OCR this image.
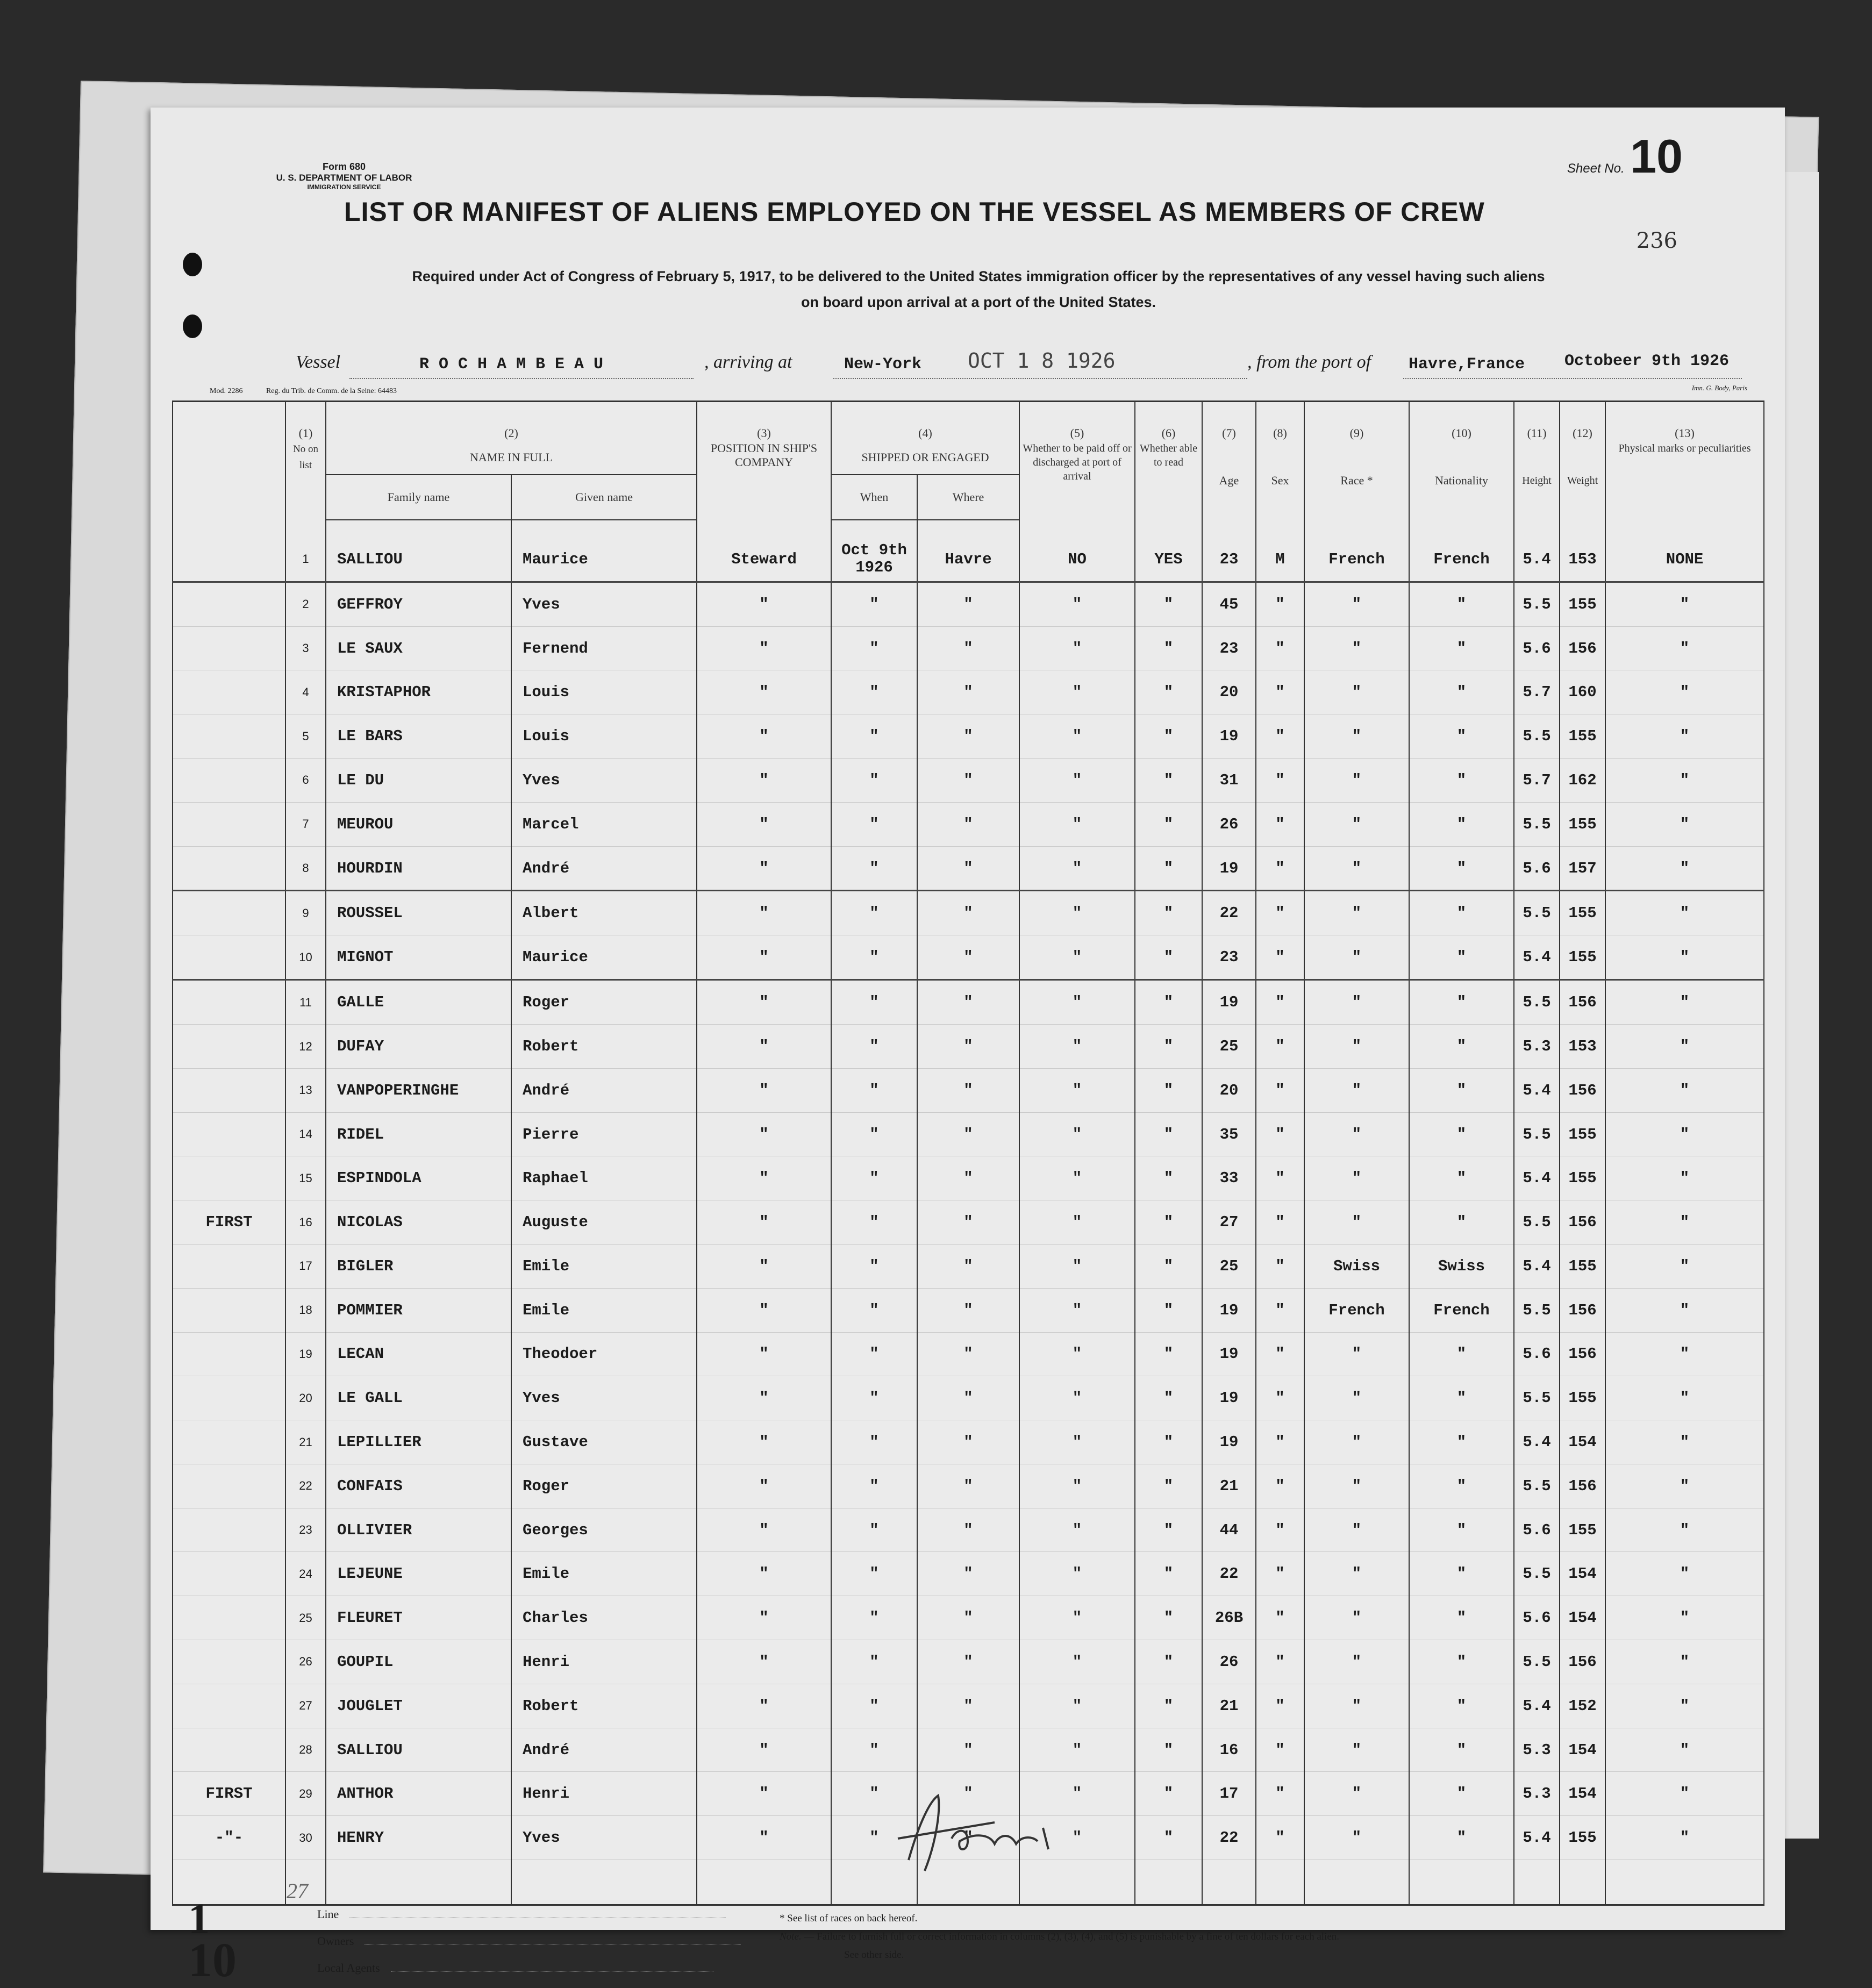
Form 680
U. S. DEPARTMENT OF LABOR
IMMIGRATION SERVICE
Sheet No. 10
236
LIST OR MANIFEST OF ALIENS EMPLOYED ON THE VESSEL AS MEMBERS OF CREW
Required under Act of Congress of February 5, 1917, to be delivered to the United States immigration officer by the representatives of any vessel having such aliens
on board upon arrival at a port of the United States.
Vessel	R O C H A M B E A U	, arriving at	New-York OCT 1 8 1926	, from the port of Havre,France Octobeer 9th 1926
Mod. 2286	Reg. du Trib. de Comm. de la Seine: 64483	Imn. G. Body, Paris
	(1)	(2)		(3)	(4)		(5)	(6)	(7)	(8)	(9)	(10)	(11)	(12)	(13)
	No on list	NAME IN FULL		POSITION IN SHIP'S COMPANY	SHIPPED OR ENGAGED		Whether to be paid off or discharged at port of arrival	Whether able to read	Age	Sex	Race *	Nationality	Height	Weight	Physical marks or peculiarities
		Family name	Given name		When	Where									

	1	SALLIOU	Maurice	Steward	Oct 9th 1926	Havre	NO	YES	23	M	French	French	5.4	153	NONE
	2	GEFFROY	Yves	"	"	"	"	"	45	"	"	"	5.5	155	"
	3	LE SAUX	Fernend	"	"	"	"	"	23	"	"	"	5.6	156	"
	4	KRISTAPHOR	Louis	"	"	"	"	"	20	"	"	"	5.7	160	"
	5	LE BARS	Louis	"	"	"	"	"	19	"	"	"	5.5	155	"
	6	LE DU	Yves	"	"	"	"	"	31	"	"	"	5.7	162	"
	7	MEUROU	Marcel	"	"	"	"	"	26	"	"	"	5.5	155	"
	8	HOURDIN	André	"	"	"	"	"	19	"	"	"	5.6	157	"
	9	ROUSSEL	Albert	"	"	"	"	"	22	"	"	"	5.5	155	"
	10	MIGNOT	Maurice	"	"	"	"	"	23	"	"	"	5.4	155	"
	11	GALLE	Roger	"	"	"	"	"	19	"	"	"	5.5	156	"
	12	DUFAY	Robert	"	"	"	"	"	25	"	"	"	5.3	153	"
	13	VANPOPERINGHE	André	"	"	"	"	"	20	"	"	"	5.4	156	"
	14	RIDEL	Pierre	"	"	"	"	"	35	"	"	"	5.5	155	"
	15	ESPINDOLA	Raphael	"	"	"	"	"	33	"	"	"	5.4	155	"
FIRST	16	NICOLAS	Auguste	"	"	"	"	"	27	"	"	"	5.5	156	"
	17	BIGLER	Emile	"	"	"	"	"	25	"	Swiss	Swiss	5.4	155	"
	18	POMMIER	Emile	"	"	"	"	"	19	"	French	French	5.5	156	"
	19	LECAN	Theodoer	"	"	"	"	"	19	"	"	"	5.6	156	"
	20	LE GALL	Yves	"	"	"	"	"	19	"	"	"	5.5	155	"
	21	LEPILLIER	Gustave	"	"	"	"	"	19	"	"	"	5.4	154	"
	22	CONFAIS	Roger	"	"	"	"	"	21	"	"	"	5.5	156	"
	23	OLLIVIER	Georges	"	"	"	"	"	44	"	"	"	5.6	155	"
	24	LEJEUNE	Emile	"	"	"	"	"	22	"	"	"	5.5	154	"
	25	FLEURET	Charles	"	"	"	"	"	26B	"	"	"	5.6	154	"
	26	GOUPIL	Henri	"	"	"	"	"	26	"	"	"	5.5	156	"
	27	JOUGLET	Robert	"	"	"	"	"	21	"	"	"	5.4	152	"
	28	SALLIOU	André	"	"	"	"	"	16	"	"	"	5.3	154	"
FIRST	29	ANTHOR	Henri	"	"	"	"	"	17	"	"	"	5.3	154	"
-"-	30	HENRY	Yves	"	"	"	"	"	22	"	"	"	5.4	155	"
	27														
1
10
Line
Owners
Local Agents
* See list of races on back hereof.
Note. — Failure to furnish full or correct information in columns (2), (3), (4), and (5) is punishable by a fine of ten dollars for each alien.
See other side.
